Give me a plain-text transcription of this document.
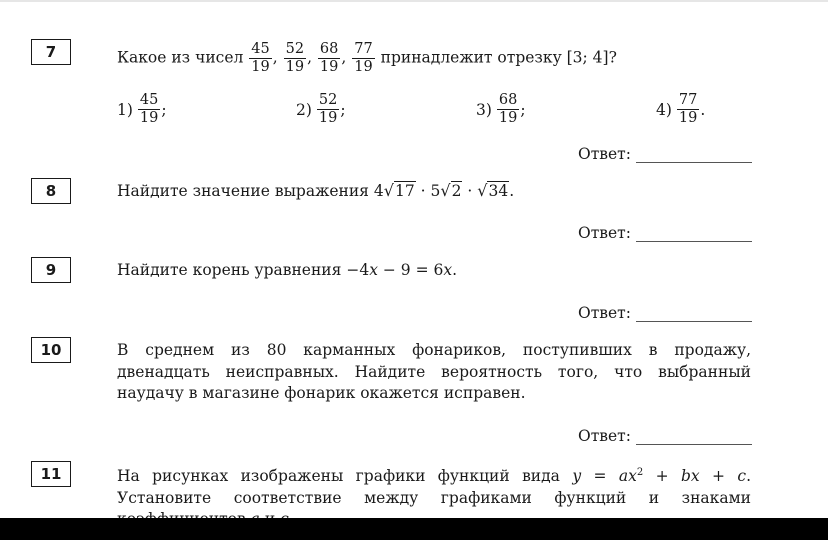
7	Какое из чисел $\frac{45}{19}$ , $\frac{52}{19}$ , $\frac{68}{19}$ , $\frac{77}{19}$ принадлежит отрезку [3; 4]?
$1) \frac{45}{19}$ ;	$2) \frac{52}{19}$ ;	$3) \frac{68}{19}$ ;	$4) \frac{77}{19}$ .
Ответ:
8	Найдите значение выражения 4√17 · 5√2 · √34.
Ответ:
9	Найдите корень уравнения −4x − 9 = 6x.
Ответ:
10	В среднем из 80 карманных фонариков, поступивших в продажу, двенадцать неисправных. Найдите вероятность того, что выбранный наудачу в магазине фонарик окажется исправен.
Ответ:
11	На рисунках изображены графики функций вида $y = ax^2$ + bx + c. Установите соответствие между графиками функций и знаками
